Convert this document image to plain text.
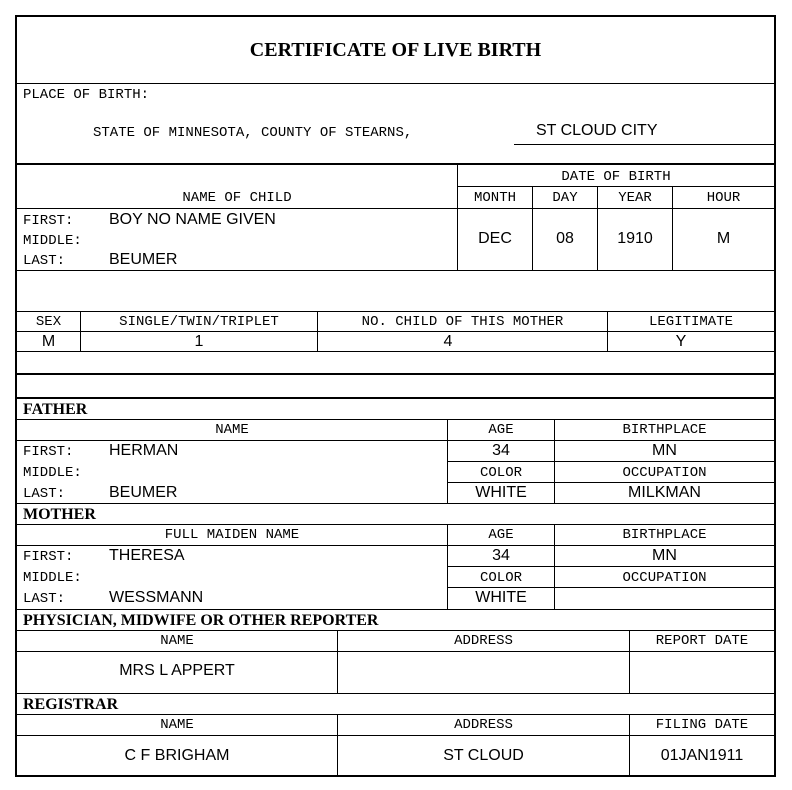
CERTIFICATE OF LIVE BIRTH
PLACE OF BIRTH:
STATE OF MINNESOTA, COUNTY OF STEARNS,	ST CLOUD CITY
DATE OF BIRTH
NAME OF CHILD	MONTH	DAY	YEAR	HOUR
FIRST: BOY NO NAME GIVEN
MIDDLE:
LAST:	BEUMER
DEC	08	1910	M
SEX	SINGLE/TWIN/TRIPLET	NO. CHILD OF THIS MOTHER	LEGITIMATE
M	1	4	Y
FATHER
NAME	AGE	BIRTHPLACE
FIRST: HERMAN	34	MN
MIDDLE:	COLOR	OCCUPATION
LAST:	BEUMER	WHITE	MILKMAN
MOTHER
FULL MAIDEN NAME	AGE	BIRTHPLACE
FIRST: THERESA	34	MN
MIDDLE:	COLOR	OCCUPATION
LAST:	WESSMANN	WHITE
PHYSICIAN, MIDWIFE OR OTHER REPORTER
NAME	ADDRESS	REPORT DATE
MRS L APPERT
REGISTRAR
NAME	ADDRESS	FILING DATE
C F BRIGHAM	ST CLOUD	01JAN1911
